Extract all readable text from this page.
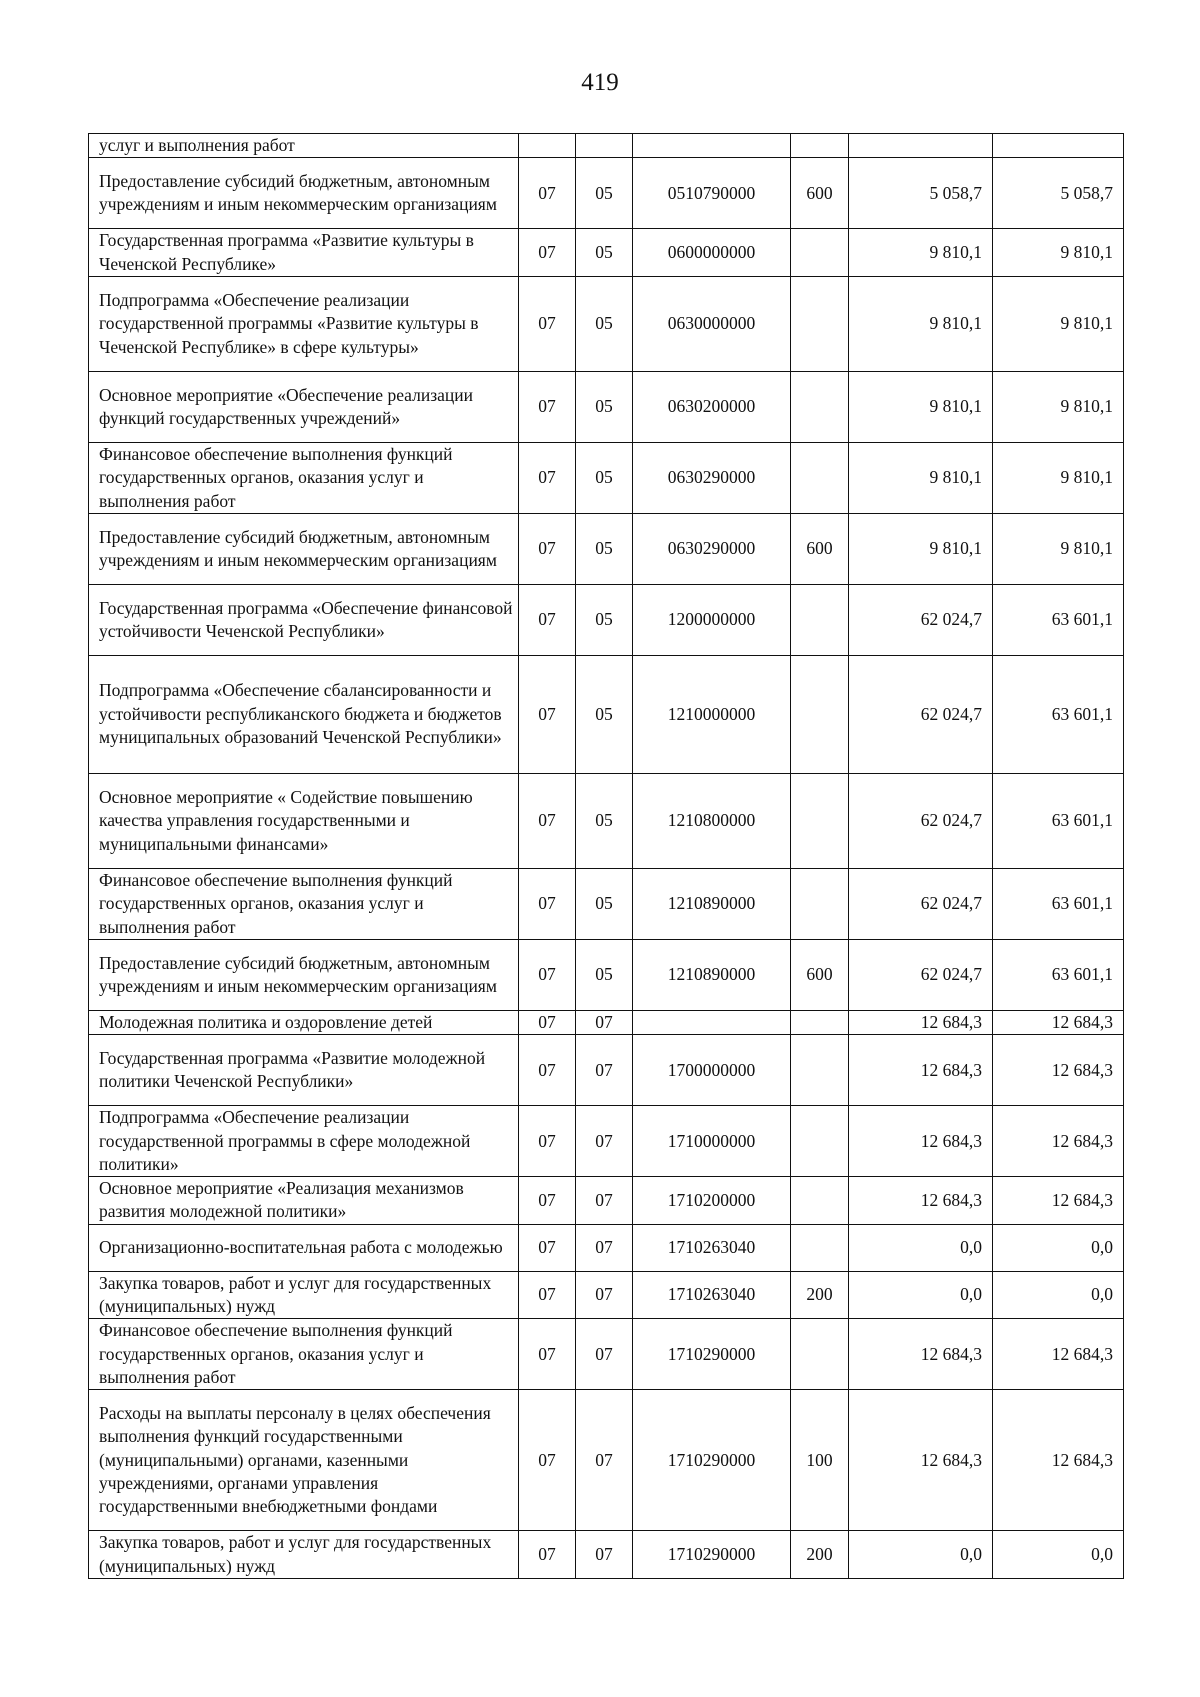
419
услуг и выполнения работ						
Предоставление субсидий бюджетным, автономным учреждениям и иным некоммерческим организациям	07	05	0510790000	600	5 058,7	5 058,7
Государственная программа «Развитие культуры в Чеченской Республике»	07	05	0600000000		9 810,1	9 810,1
Подпрограмма «Обеспечение реализации государственной программы «Развитие культуры в Чеченской Республике» в сфере культуры»	07	05	0630000000		9 810,1	9 810,1
Основное мероприятие «Обеспечение реализации функций государственных учреждений»	07	05	0630200000		9 810,1	9 810,1
Финансовое обеспечение выполнения функций государственных органов, оказания услуг и выполнения работ	07	05	0630290000		9 810,1	9 810,1
Предоставление субсидий бюджетным, автономным учреждениям и иным некоммерческим организациям	07	05	0630290000	600	9 810,1	9 810,1
Государственная программа «Обеспечение финансовой устойчивости Чеченской Республики»	07	05	1200000000		62 024,7	63 601,1
Подпрограмма «Обеспечение сбалансированности и устойчивости республиканского бюджета и бюджетов муниципальных образований Чеченской Республики»	07	05	1210000000		62 024,7	63 601,1
Основное мероприятие « Содействие повышению качества управления государственными и муниципальными финансами»	07	05	1210800000		62 024,7	63 601,1
Финансовое обеспечение выполнения функций государственных органов, оказания услуг и выполнения работ	07	05	1210890000		62 024,7	63 601,1
Предоставление субсидий бюджетным, автономным учреждениям и иным некоммерческим организациям	07	05	1210890000	600	62 024,7	63 601,1
Молодежная политика и оздоровление детей	07	07			12 684,3	12 684,3
Государственная программа «Развитие молодежной политики Чеченской Республики»	07	07	1700000000		12 684,3	12 684,3
Подпрограмма «Обеспечение реализации государственной программы в сфере молодежной политики»	07	07	1710000000		12 684,3	12 684,3
Основное мероприятие «Реализация механизмов развития молодежной политики»	07	07	1710200000		12 684,3	12 684,3
Организационно-воспитательная работа с молодежью	07	07	1710263040		0,0	0,0
Закупка товаров, работ и услуг для государственных (муниципальных) нужд	07	07	1710263040	200	0,0	0,0
Финансовое обеспечение выполнения функций государственных органов, оказания услуг и выполнения работ	07	07	1710290000		12 684,3	12 684,3
Расходы на выплаты персоналу в целях обеспечения выполнения функций государственными (муниципальными) органами, казенными учреждениями, органами управления государственными внебюджетными фондами	07	07	1710290000	100	12 684,3	12 684,3
Закупка товаров, работ и услуг для государственных (муниципальных) нужд	07	07	1710290000	200	0,0	0,0
